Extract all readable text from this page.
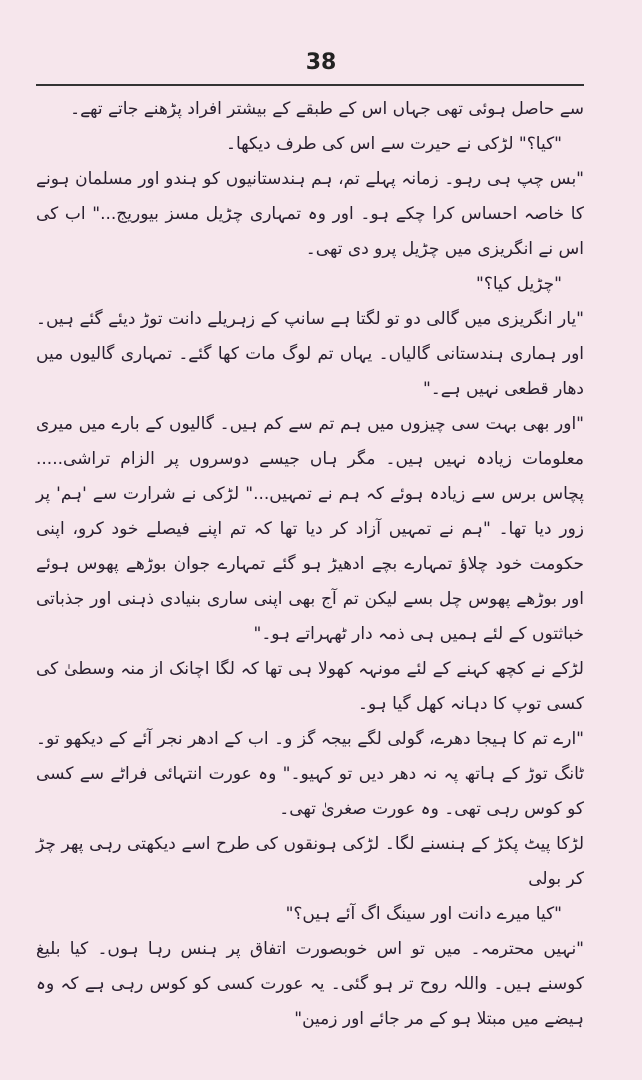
38

سے حاصل ہوئی تھی جہاں اس کے طبقے کے بیشتر افراد پڑھنے جاتے تھے۔

"کیا؟" لڑکی نے حیرت سے اس کی طرف دیکھا۔

"بس چپ ہی رہو۔ زمانہ پہلے تم، ہم ہندستانیوں کو ہندو اور مسلمان ہونے کا خاصہ احساس کرا چکے ہو۔ اور وہ تمہاری چڑیل مسز بیوریج..." اب کی اس نے انگریزی میں چڑیل پرو دی تھی۔

"چڑیل کیا؟"

"یار انگریزی میں گالی دو تو لگتا ہے سانپ کے زہریلے دانت توڑ دیئے گئے ہیں۔ اور ہماری ہندستانی گالیاں۔ یہاں تم لوگ مات کھا گئے۔ تمہاری گالیوں میں دھار قطعی نہیں ہے۔"

"اور بھی بہت سی چیزوں میں ہم تم سے کم ہیں۔ گالیوں کے بارے میں میری معلومات زیادہ نہیں ہیں۔ مگر ہاں جیسے دوسروں پر الزام تراشی..... پچاس برس سے زیادہ ہوئے کہ ہم نے تمہیں..." لڑکی نے شرارت سے 'ہم' پر زور دیا تھا۔ "ہم نے تمہیں آزاد کر دیا تھا کہ تم اپنے فیصلے خود کرو، اپنی حکومت خود چلاؤ تمہارے بچے ادھیڑ ہو گئے تمہارے جوان بوڑھے پھوس ہوئے اور بوڑھے پھوس چل بسے لیکن تم آج بھی اپنی ساری بنیادی ذہنی اور جذباتی خباثتوں کے لئے ہمیں ہی ذمہ دار ٹھہراتے ہو۔"

لڑکے نے کچھ کہنے کے لئے مونہہ کھولا ہی تھا کہ لگا اچانک از منہ وسطیٰ کی کسی توپ کا دہانہ کھل گیا ہو۔

"ارے تم کا ہیجا دھرے، گولی لگے بیجہ گز و۔ اب کے ادھر نجر آئے کے دیکھو تو۔ ٹانگ توڑ کے ہاتھ پہ نہ دھر دیں تو کہیو۔" وہ عورت انتہائی فراٹے سے کسی کو کوس رہی تھی۔ وہ عورت صغریٰ تھی۔

لڑکا پیٹ پکڑ کے ہنسنے لگا۔ لڑکی ہونقوں کی طرح اسے دیکھتی رہی پھر چڑ کر بولی

"کیا میرے دانت اور سینگ اگ آئے ہیں؟"

"نہیں محترمہ۔ میں تو اس خوبصورت اتفاق پر ہنس رہا ہوں۔ کیا بلیغ کوسنے ہیں۔ واللہ روح تر ہو گئی۔ یہ عورت کسی کو کوس رہی ہے کہ وہ ہیضے میں مبتلا ہو کے مر جائے اور زمین"
